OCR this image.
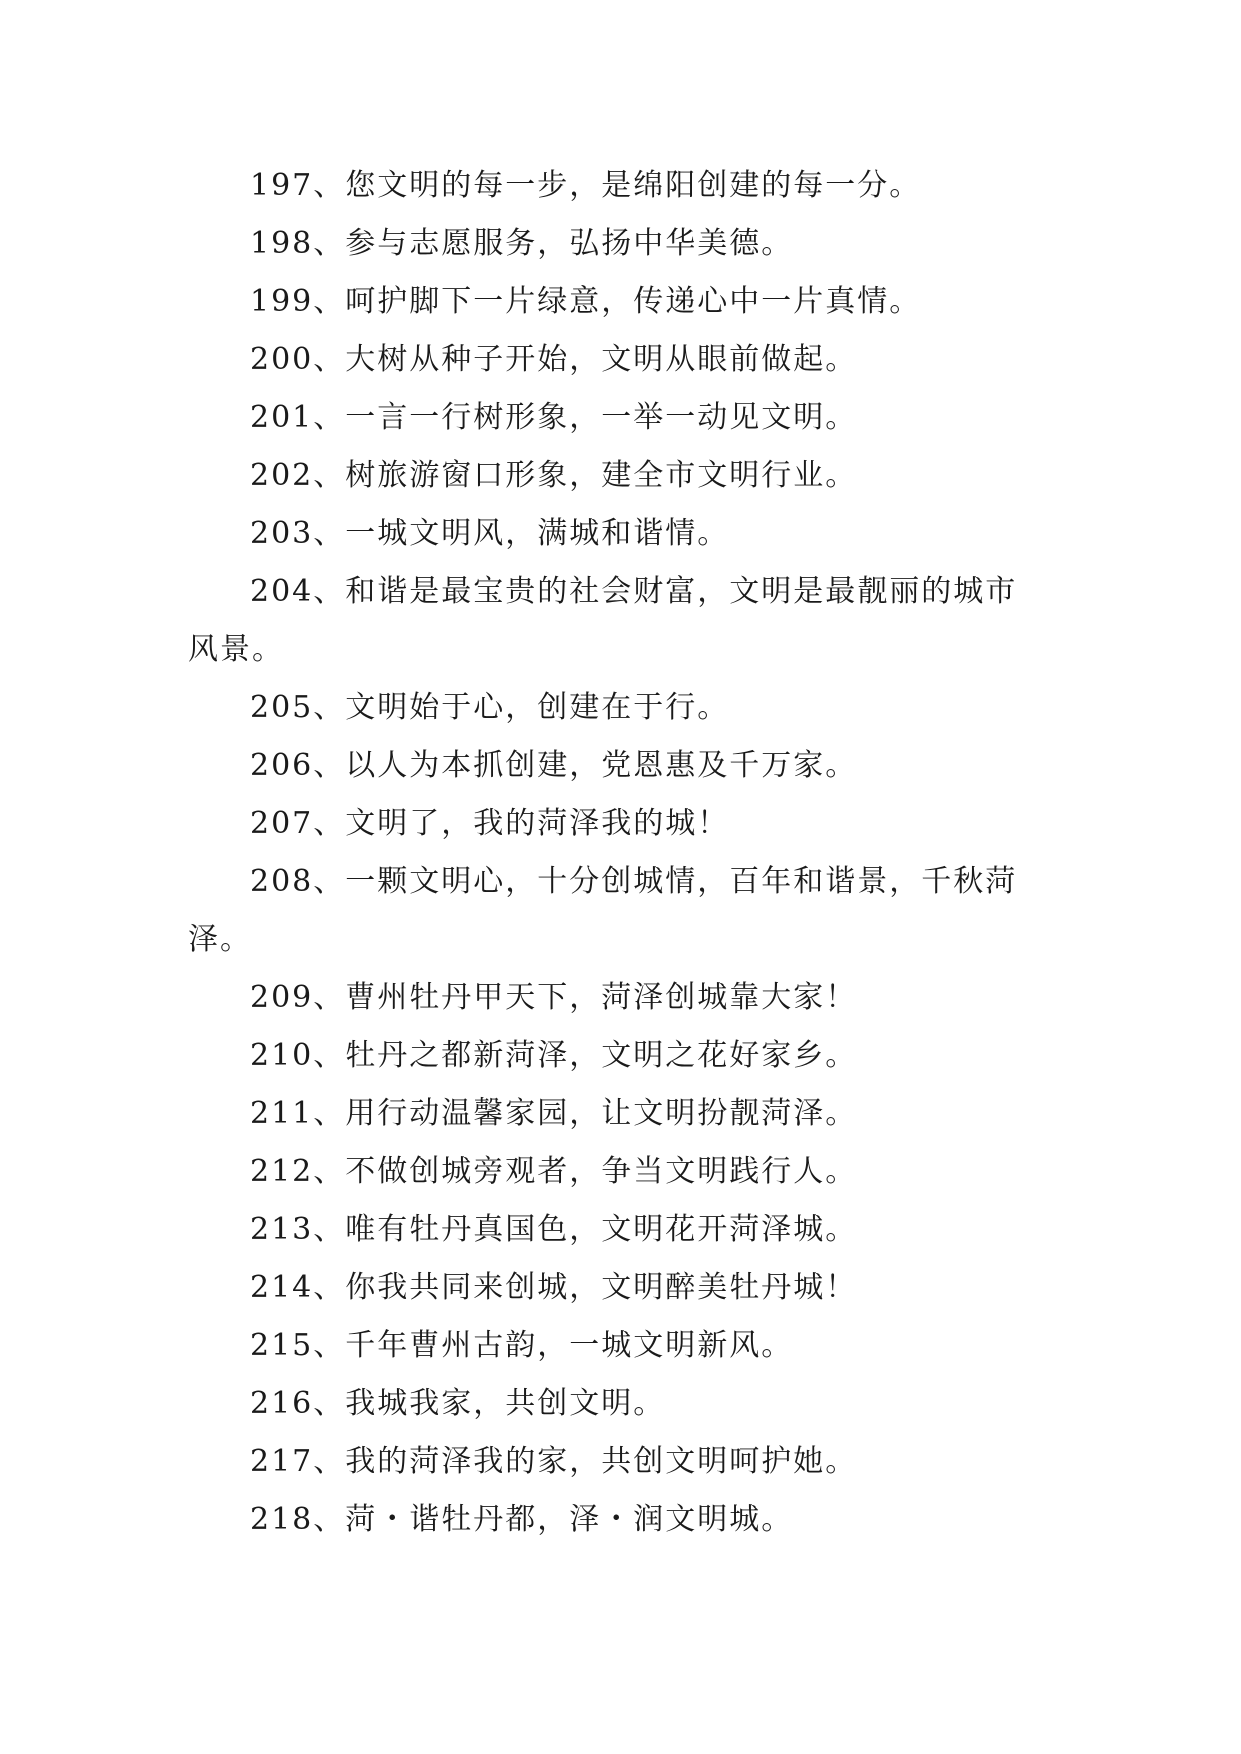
197、您文明的每一步，是绵阳创建的每一分。

198、参与志愿服务，弘扬中华美德。

199、呵护脚下一片绿意，传递心中一片真情。

200、大树从种子开始，文明从眼前做起。

201、一言一行树形象，一举一动见文明。

202、树旅游窗口形象，建全市文明行业。

203、一城文明风，满城和谐情。

204、和谐是最宝贵的社会财富，文明是最靓丽的城市
风景。

205、文明始于心，创建在于行。

206、以人为本抓创建，党恩惠及千万家。

207、文明了，我的菏泽我的城！

208、一颗文明心，十分创城情，百年和谐景，千秋菏
泽。

209、曹州牡丹甲天下，菏泽创城靠大家！

210、牡丹之都新菏泽，文明之花好家乡。

211、用行动温馨家园，让文明扮靓菏泽。

212、不做创城旁观者，争当文明践行人。

213、唯有牡丹真国色，文明花开菏泽城。

214、你我共同来创城，文明醉美牡丹城！

215、千年曹州古韵，一城文明新风。

216、我城我家，共创文明。

217、我的菏泽我的家，共创文明呵护她。

218、菏・谐牡丹都，泽・润文明城。
